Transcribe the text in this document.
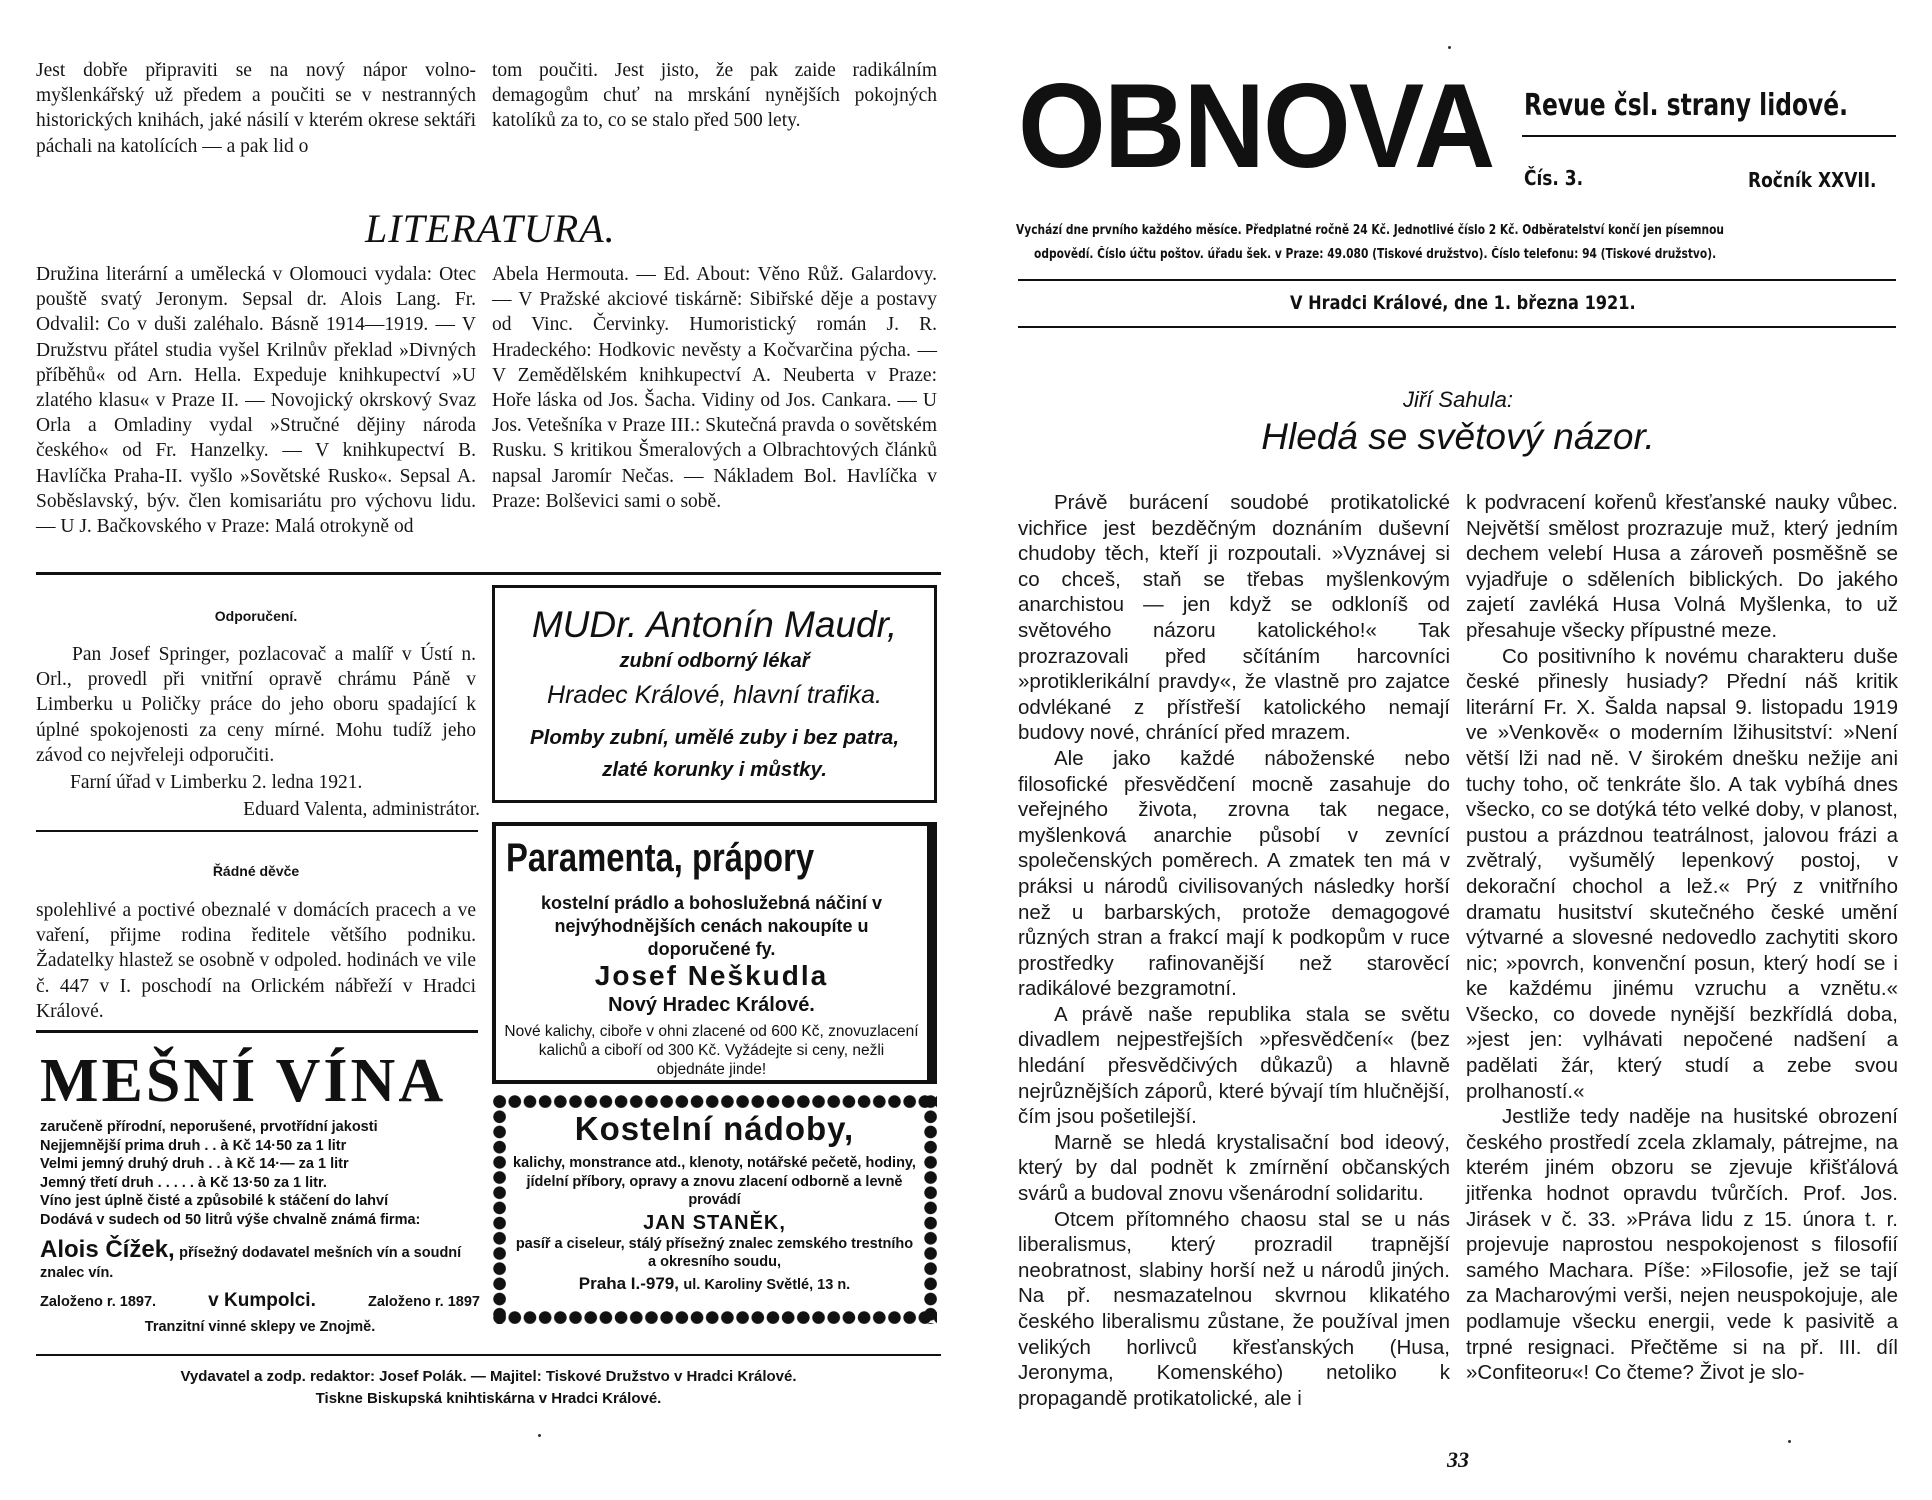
Jest dobře připraviti se na nový nápor volno-myšlenkářský už předem a poučiti se v nestranných historických knihách, jaké násilí v kterém okrese sektáři páchali na katolících — a pak lid o
tom poučiti. Jest jisto, že pak zaide radikálním demagogům chuť na mrskání nynějších pokojných katolíků za to, co se stalo před 500 lety.
LITERATURA.
Družina literární a umělecká v Olomouci vydala: Otec pouště svatý Jeronym. Sepsal dr. Alois Lang. Fr. Odvalil: Co v duši zaléhalo. Básně 1914—1919. — V Družstvu přátel studia vyšel Krilnův překlad »Divných příběhů« od Arn. Hella. Expeduje knihkupectví »U zlatého klasu« v Praze II. — Novojický okrskový Svaz Orla a Omladiny vydal »Stručné dějiny národa českého« od Fr. Hanzelky. — V knihkupectví B. Havlíčka Praha-II. vyšlo »Sovětské Rusko«. Sepsal A. Soběslavský, býv. člen komisariátu pro výchovu lidu. — U J. Bačkovského v Praze: Malá otrokyně od
Abela Hermouta. — Ed. About: Věno Růž. Galardovy. — V Pražské akciové tiskárně: Sibiřské děje a postavy od Vinc. Červinky. Humoristický román J. R. Hradeckého: Hodkovic nevěsty a Kočvarčina pýcha. — V Zemědělském knihkupectví A. Neuberta v Praze: Hoře láska od Jos. Šacha. Vidiny od Jos. Cankara. — U Jos. Vetešníka v Praze III.: Skutečná pravda o sovětském Rusku. S kritikou Šmeralových a Olbrachtových článků napsal Jaromír Nečas. — Nákladem Bol. Havlíčka v Praze: Bolševici sami o sobě.
Odporučení.
Pan Josef Springer, pozlacovač a malíř v Ústí n. Orl., provedl při vnitřní opravě chrámu Páně v Limberku u Poličky práce do jeho oboru spadající k úplné spokojenosti za ceny mírné. Mohu tudíž jeho závod co nejvřeleji odporučiti.
Farní úřad v Limberku 2. ledna 1921.
Eduard Valenta, administrátor.
Řádné děvče
spolehlivé a poctivé obeznalé v domácích pracech a ve vaření, přijme rodina ředitele většího podniku. Žadatelky hlastež se osobně v odpoled. hodinách ve vile č. 447 v I. poschodí na Orlickém nábřeží v Hradci Králové.
MEŠNÍ VÍNA
zaručeně přírodní, neporušené, prvotřídní jakosti
Nejjemnější prima druh . . à Kč 14·50 za 1 litr
Velmi jemný druhý druh . . à Kč 14·— za 1 litr
Jemný třetí druh . . . . . à Kč 13·50 za 1 litr.
Víno jest úplně čisté a způsobilé k stáčení do lahví
Dodává v sudech od 50 litrů výše chvalně známá firma:
Alois Čížek, přísežný dodavatel mešních vín a soudní znalec vín.
Založeno r. 1897.	v Kumpolci.	Založeno r. 1897
Tranzitní vinné sklepy ve Znojmě.
MUDr. Antonín Maudr,
zubní odborný lékař
Hradec Králové, hlavní trafika.
Plomby zubní, umělé zuby i bez patra,
zlaté korunky i můstky.
Paramenta, prápory
kostelní prádlo a bohoslužebná náčiní v nejvýhodnějších cenách nakoupíte u doporučené fy.
Josef Neškudla
Nový Hradec Králové.
Nové kalichy, ciboře v ohni zlacené od 600 Kč, znovuzlacení kalichů a ciboří od 300 Kč. Vyžádejte si ceny, nežli objednáte jinde!
Kostelní nádoby,
kalichy, monstrance atd., klenoty, notářské pečetě, hodiny, jídelní příbory, opravy a znovu zlacení odborně a levně provádí
JAN STANĚK,
pasíř a ciseleur, stálý přísežný znalec zemského trestního a okresního soudu,
Praha I.-979, ul. Karoliny Světlé, 13 n.
Vydavatel a zodp. redaktor: Josef Polák. — Majitel: Tiskové Družstvo v Hradci Králové.
Tiskne Biskupská knihtiskárna v Hradci Králové.
OBNOVA Revue čsl. strany lidové.
Čís. 3.	Ročník XXVII.
Vychází dne prvního každého měsíce. Předplatné ročně 24 Kč. Jednotlivé číslo 2 Kč. Odběratelství končí jen písemnou
odpovědí. Číslo účtu poštov. úřadu šek. v Praze: 49.080 (Tiskové družstvo). Číslo telefonu: 94 (Tiskové družstvo).
V Hradci Králové, dne 1. března 1921.
Jiří Sahula:
Hledá se světový názor.

Právě burácení soudobé protikatolické vichřice jest bezděčným doznáním duševní chudoby těch, kteří ji rozpoutali. »Vyznávej si co chceš, staň se třebas myšlenkovým anarchistou — jen když se odkloníš od světového názoru katolického!« Tak prozrazovali před sčítáním harcovníci »protiklerikální pravdy«, že vlastně pro zajatce odvlékané z přístřeší katolického nemají budovy nové, chránící před mrazem.

Ale jako každé náboženské nebo filosofické přesvědčení mocně zasahuje do veřejného života, zrovna tak negace, myšlenková anarchie působí v zevnící společenských poměrech. A zmatek ten má v práksi u národů civilisovaných následky horší než u barbarských, protože demagogové různých stran a frakcí mají k podkopům v ruce prostředky rafinovanější než starověcí radikálové bezgramotní.

A právě naše republika stala se světu divadlem nejpestřejších »přesvědčení« (bez hledání přesvědčivých důkazů) a hlavně nejrůznějších záporů, které bývají tím hlučnější, čím jsou pošetilejší.

Marně se hledá krystalisační bod ideový, který by dal podnět k zmírnění občanských svárů a budoval znovu všenárodní solidaritu.

Otcem přítomného chaosu stal se u nás liberalismus, který prozradil trapnější neobratnost, slabiny horší než u národů jiných. Na př. nesmazatelnou skvrnou klikatého českého liberalismu zůstane, že používal jmen velikých horlivců křesťanských (Husa, Jeronyma, Komenského) netoliko k propagandě protikatolické, ale i

k podvracení kořenů křesťanské nauky vůbec. Největší smělost prozrazuje muž, který jedním dechem velebí Husa a zároveň posměšně se vyjadřuje o sděleních biblických. Do jakého zajetí zavléká Husa Volná Myšlenka, to už přesahuje všecky přípustné meze.

Co positivního k novému charakteru duše české přinesly husiady? Přední náš kritik literární Fr. X. Šalda napsal 9. listopadu 1919 ve »Venkově« o moderním lžihusitství: »Není větší lži nad ně. V širokém dnešku nežije ani tuchy toho, oč tenkráte šlo. A tak vybíhá dnes všecko, co se dotýká této velké doby, v planost, pustou a prázdnou teatrálnost, jalovou frázi a zvětralý, vyšumělý lepenkový postoj, v dekorační chochol a lež.« Prý z vnitřního dramatu husitství skutečného české umění výtvarné a slovesné nedovedlo zachytiti skoro nic; »povrch, konvenční posun, který hodí se i ke každému jinému vzruchu a vznětu.« Všecko, co dovede nynější bezkřídlá doba, »jest jen: vylhávati nepočené nadšení a padělati žár, který studí a zebe svou prolhaností.«

Jestliže tedy naděje na husitské obrození českého prostředí zcela zklamaly, pátrejme, na kterém jiném obzoru se zjevuje křišťálová jitřenka hodnot opravdu tvůrčích. Prof. Jos. Jirásek v č. 33. »Práva lidu z 15. února t. r. projevuje naprostou nespokojenost s filosofií samého Machara. Píše: »Filosofie, jež se tají za Macharovými verši, nejen neuspokojuje, ale podlamuje všecku energii, vede k pasivitě a trpné resignaci. Přečtěme si na př. III. díl »Confiteoru«! Co čteme? Život je slo-

33
